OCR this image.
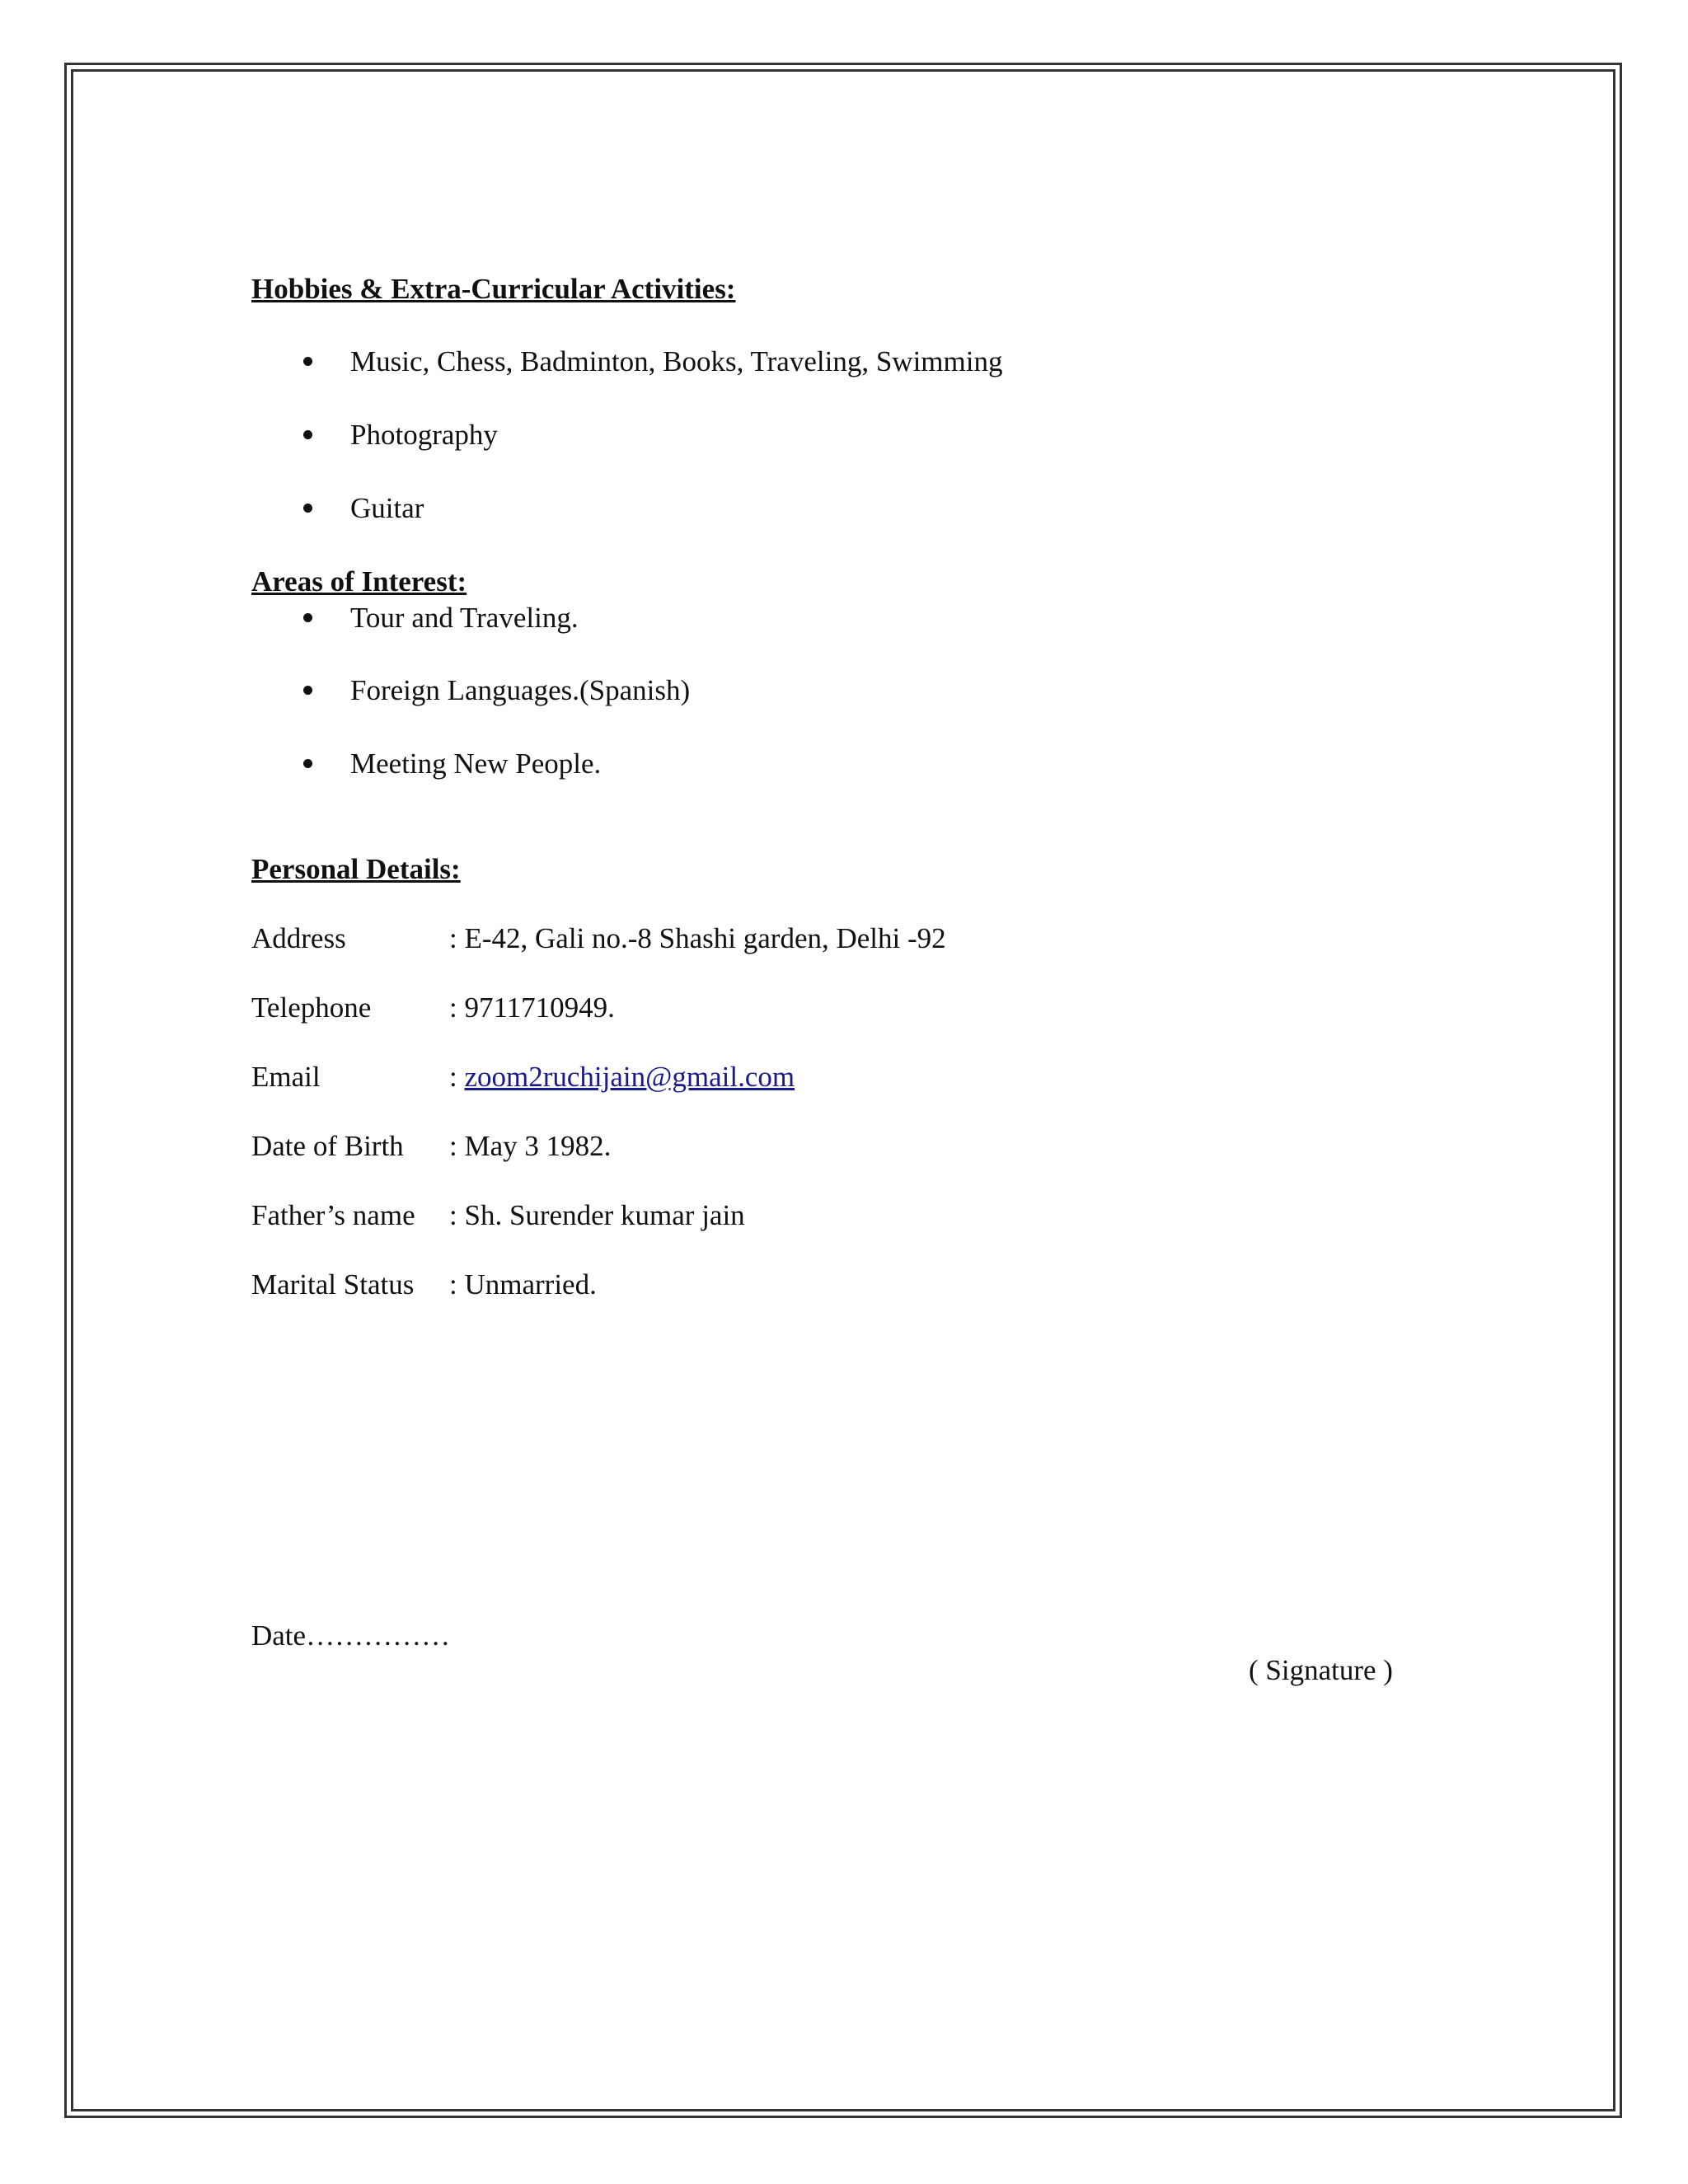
Hobbies & Extra-Curricular Activities:
Music, Chess, Badminton, Books, Traveling, Swimming
Photography
Guitar
Areas of Interest:
Tour and Traveling.
Foreign Languages.(Spanish)
Meeting New People.
Personal Details:
Address	: E-42, Gali no.-8 Shashi garden, Delhi -92
Telephone	: 9711710949.
Email	: zoom2ruchijain@gmail.com
Date of Birth : May 3 1982.
Father’s name : Sh. Surender kumar jain
Marital Status : Unmarried.
Date……………
( Signature )
